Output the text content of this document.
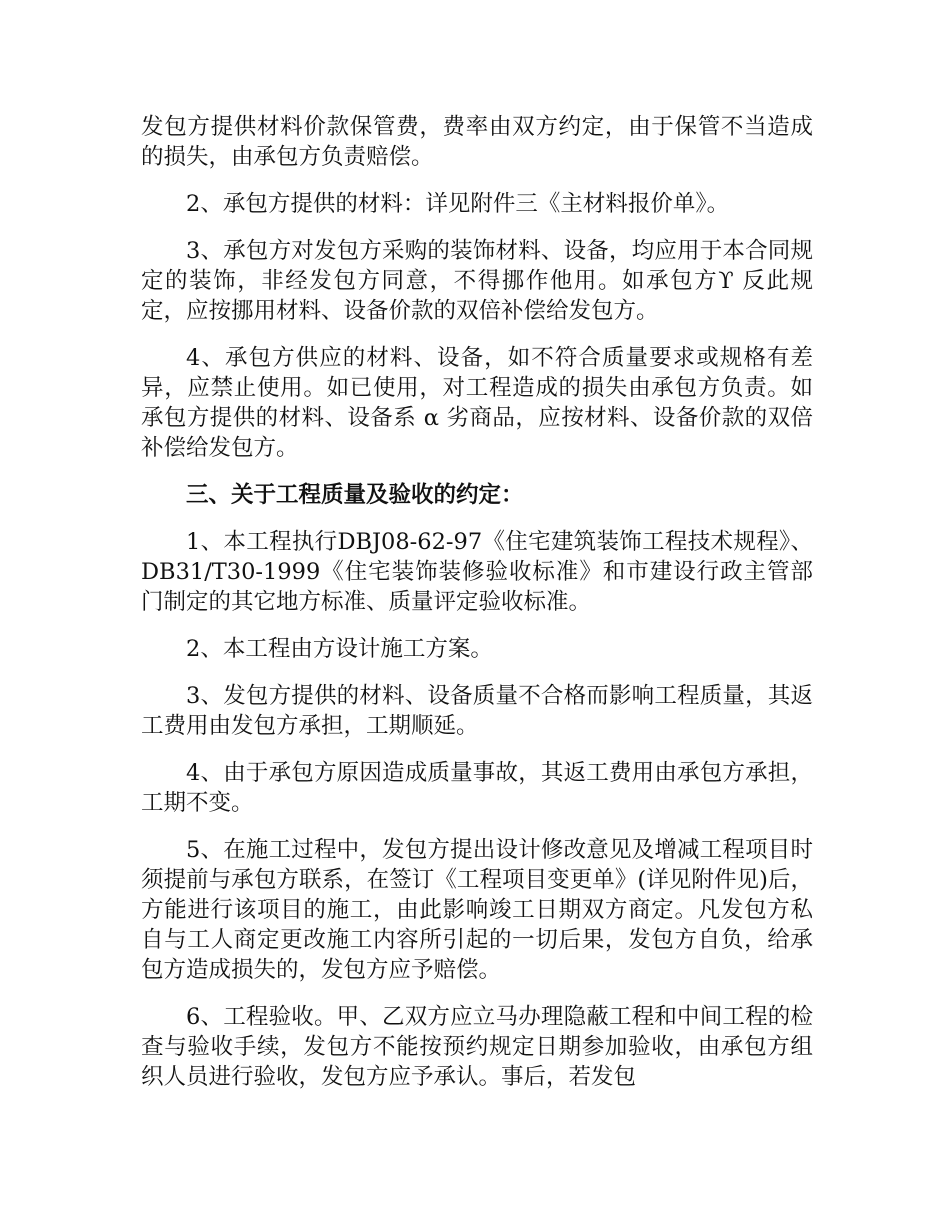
发包方提供材料价款保管费，费率由双方约定，由于保管不当造成的损失，由承包方负责赔偿。

2、承包方提供的材料：详见附件三《主材料报价单》。

3、承包方对发包方采购的装饰材料、设备，均应用于本合同规定的装饰，非经发包方同意，不得挪作他用。如承包方ϒ 反此规定，应按挪用材料、设备价款的双倍补偿给发包方。

4、承包方供应的材料、设备，如不符合质量要求或规格有差异，应禁止使用。如已使用，对工程造成的损失由承包方负责。如承包方提供的材料、设备系 α 劣商品，应按材料、设备价款的双倍补偿给发包方。

三、关于工程质量及验收的约定：

1、本工程执行DBJ08-62-97《住宅建筑装饰工程技术规程》、DB31/T30-1999《住宅装饰装修验收标准》和市建设行政主管部门制定的其它地方标准、质量评定验收标准。

2、本工程由方设计施工方案。

3、发包方提供的材料、设备质量不合格而影响工程质量，其返工费用由发包方承担，工期顺延。

4、由于承包方原因造成质量事故，其返工费用由承包方承担，工期不变。

5、在施工过程中，发包方提出设计修改意见及增减工程项目时须提前与承包方联系，在签订《工程项目变更单》(详见附件见)后，方能进行该项目的施工，由此影响竣工日期双方商定。凡发包方私自与工人商定更改施工内容所引起的一切后果，发包方自负，给承包方造成损失的，发包方应予赔偿。

6、工程验收。甲、乙双方应立马办理隐蔽工程和中间工程的检查与验收手续，发包方不能按预约规定日期参加验收，由承包方组织人员进行验收，发包方应予承认。事后，若发包
